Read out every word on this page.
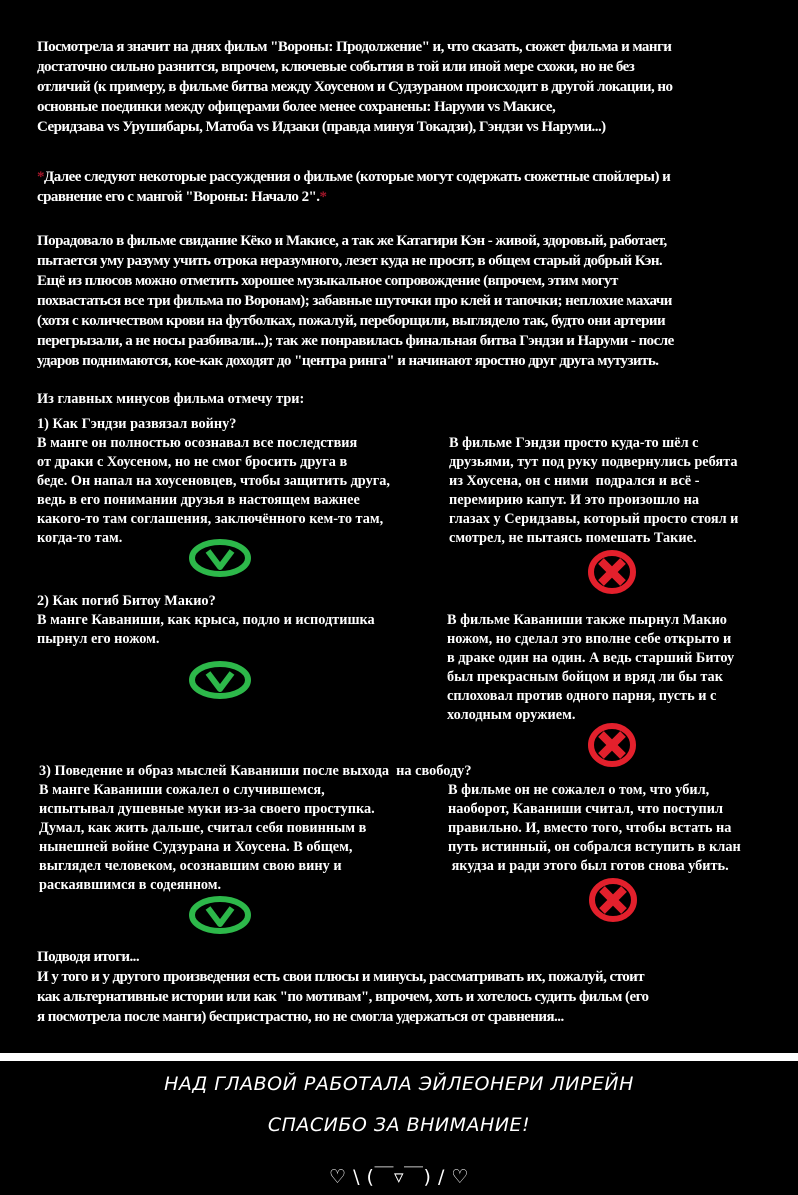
Посмотрела я значит на днях фильм "Вороны: Продолжение" и, что сказать, сюжет фильма и манги

достаточно сильно разнится, впрочем, ключевые события в той или иной мере схожи, но не без

отличий (к примеру, в фильме битва между Хоусеном и Судзураном происходит в другой локации, но

основные поединки между офицерами более менее сохранены: Наруми vs Макисе,

Серидзава vs Урушибары, Матоба vs Идзаки (правда минуя Токадзи), Гэндзи vs Наруми...)

*Далее следуют некоторые рассуждения о фильме (которые могут содержать сюжетные спойлеры) и

сравнение его с мангой "Вороны: Начало 2".*

Порадовало в фильме свидание Кёко и Макисе, а так же Катагири Кэн - живой, здоровый, работает,

пытается уму разуму учить отрока неразумного, лезет куда не просят, в общем старый добрый Кэн.

Ещё из плюсов можно отметить хорошее музыкальное сопровождение (впрочем, этим могут

похвастаться все три фильма по Воронам); забавные шуточки про клей и тапочки; неплохие махачи

(хотя с количеством крови на футболках, пожалуй, переборщили, выглядело так, будто они артерии

перегрызали, а не носы разбивали...); так же понравилась финальная битва Гэндзи и Наруми - после

ударов поднимаются, кое-как доходят до "центра ринга" и начинают яростно друг друга мутузить.

Из главных минусов фильма отмечу три:

1) Как Гэндзи развязал войну?

В манге он полностью осознавал все последствия

от драки с Хоусеном, но не смог бросить друга в

беде. Он напал на хоусеновцев, чтобы защитить друга,

ведь в его понимании друзья в настоящем важнее

какого-то там соглашения, заключённого кем-то там,

когда-то там.

В фильме Гэндзи просто куда-то шёл с

друзьями, тут под руку подвернулись ребята

из Хоусена, он с ними  подрался и всё -

перемирию капут. И это произошло на

глазах у Серидзавы, который просто стоял и

смотрел, не пытаясь помешать Такие.

2) Как погиб Битоу Макио?

В манге Каваниши, как крыса, подло и исподтишка

пырнул его ножом.

В фильме Каваниши также пырнул Макио

ножом, но сделал это вполне себе открыто и

в драке один на один. А ведь старший Битоу

был прекрасным бойцом и вряд ли бы так

сплоховал против одного парня, пусть и с

холодным оружием.

3) Поведение и образ мыслей Каваниши после выхода  на свободу?

В манге Каваниши сожалел о случившемся,

испытывал душевные муки из-за своего проступка.

Думал, как жить дальше, считал себя повинным в

нынешней войне Судзурана и Хоусена. В общем,

выглядел человеком, осознавшим свою вину и

раскаявшимся в содеянном.

В фильме он не сожалел о том, что убил,

наоборот, Каваниши считал, что поступил

правильно. И, вместо того, чтобы встать на

путь истинный, он собрался вступить в клан

якудза и ради этого был готов снова убить.

Подводя итоги...

И у того и у другого произведения есть свои плюсы и минусы, рассматривать их, пожалуй, стоит

как альтернативные истории или как "по мотивам", впрочем, хоть и хотелось судить фильм (его

я посмотрела после манги) беспристрастно, но не смогла удержаться от сравнения...

НАД ГЛАВОЙ РАБОТАЛА ЭЙЛЕОНЕРИ ЛИРЕЙН
СПАСИБО ЗА ВНИМАНИЕ!
♡ \ (￣▿￣) / ♡
